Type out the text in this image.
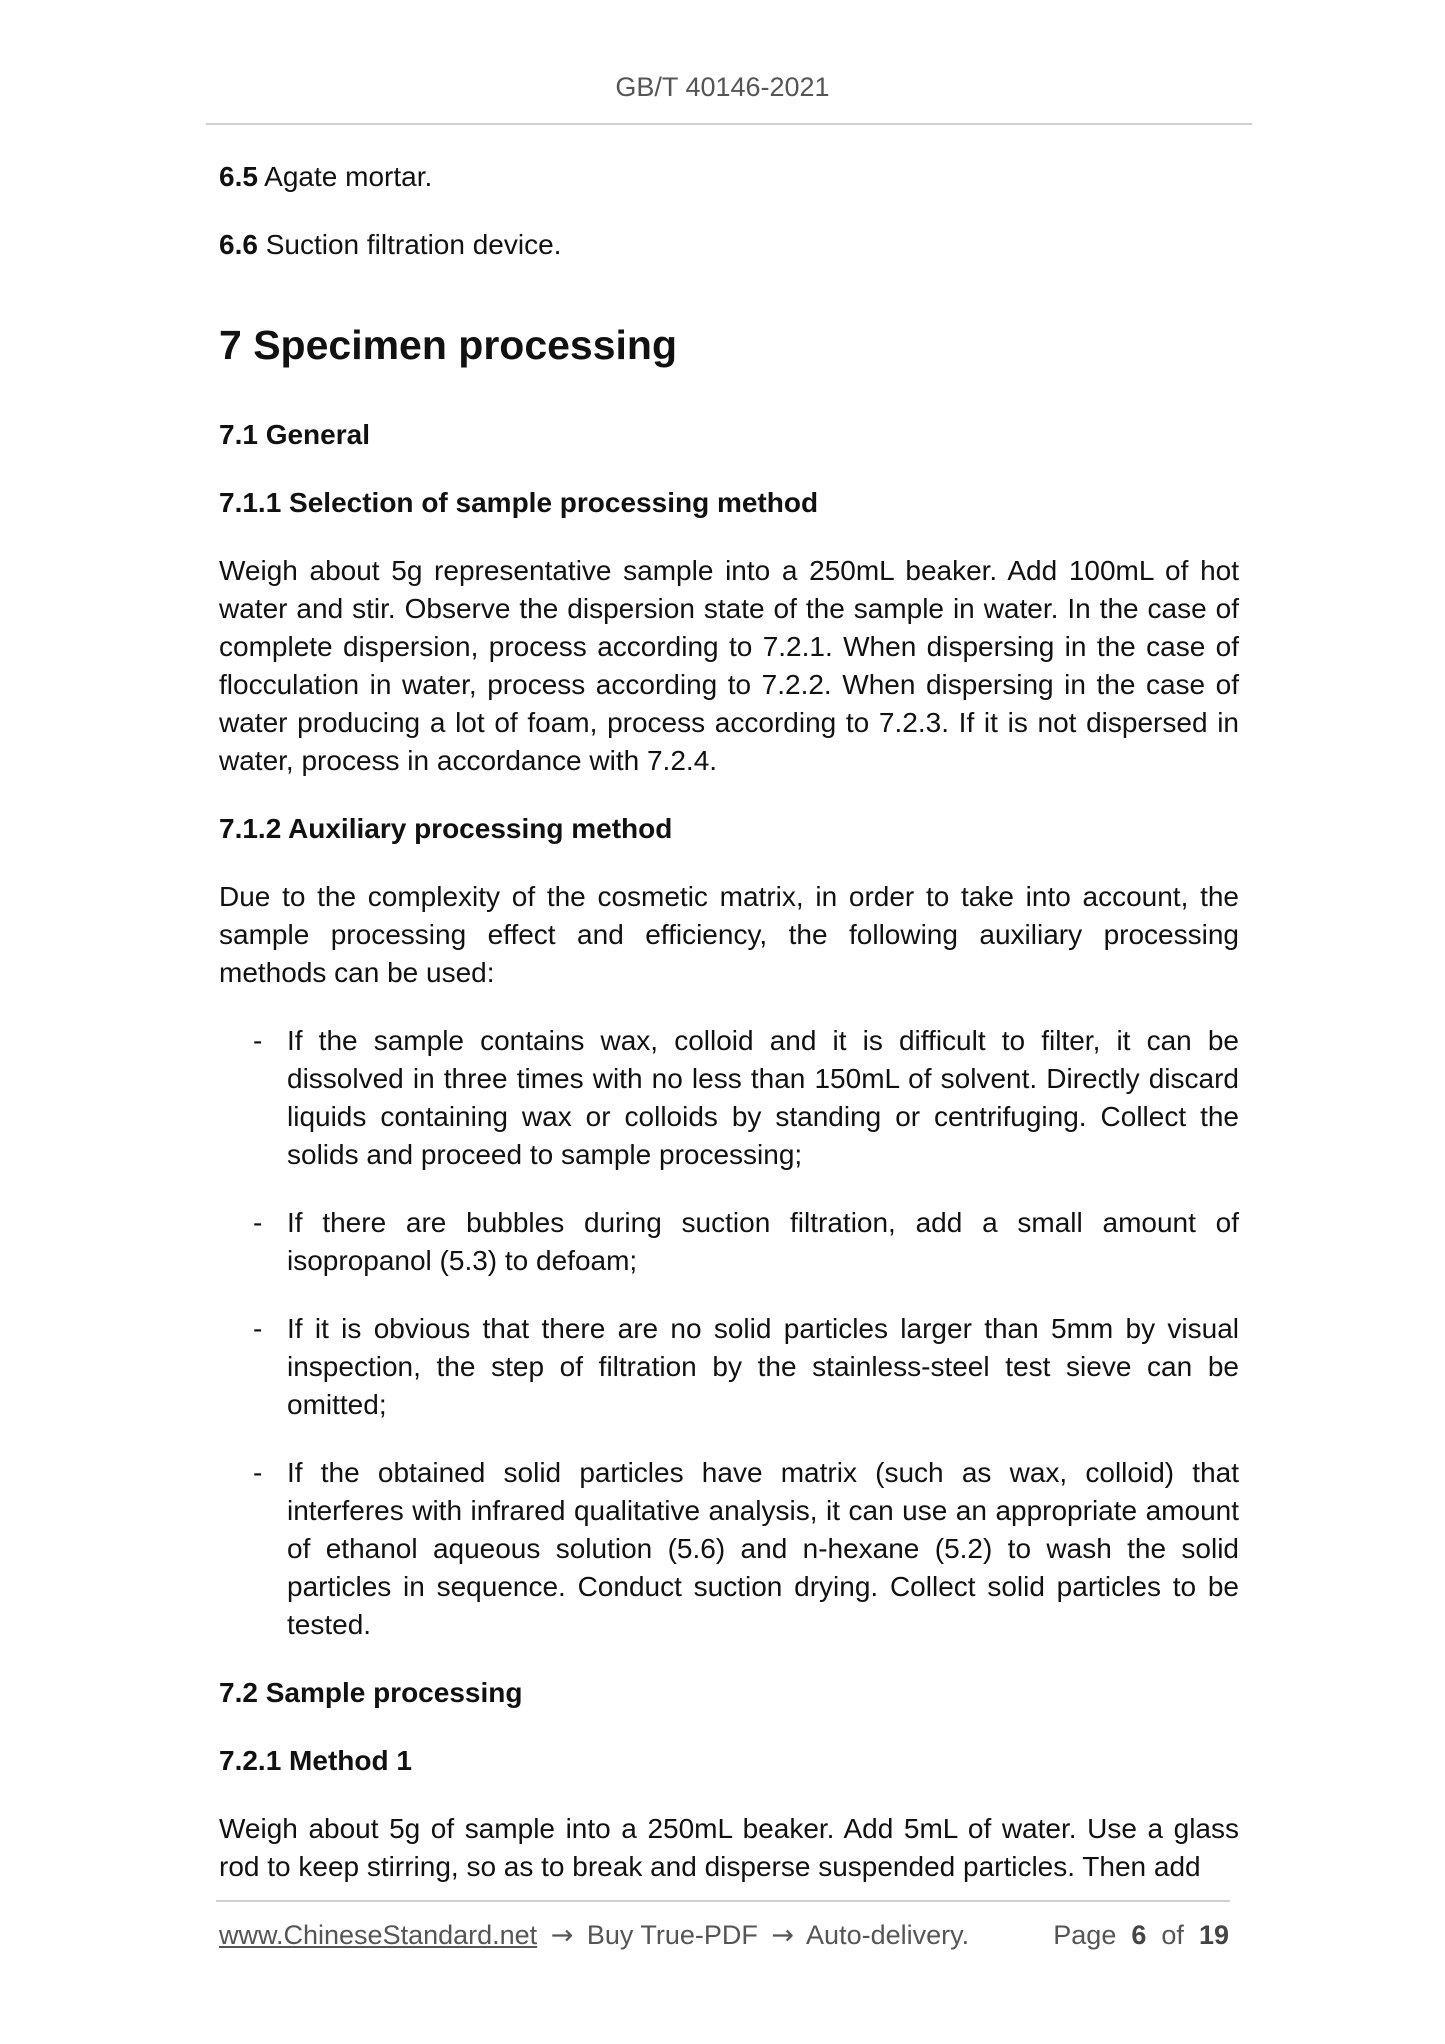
GB/T 40146-2021

6.5 Agate mortar.

6.6 Suction filtration device.

7 Specimen processing
7.1 General
7.1.1 Selection of sample processing method

Weigh about 5g representative sample into a 250mL beaker. Add 100mL of hot water and stir. Observe the dispersion state of the sample in water. In the case of complete dispersion, process according to 7.2.1. When dispersing in the case of flocculation in water, process according to 7.2.2. When dispersing in the case of water producing a lot of foam, process according to 7.2.3. If it is not dispersed in water, process in accordance with 7.2.4.

7.1.2 Auxiliary processing method

Due to the complexity of the cosmetic matrix, in order to take into account, the sample processing effect and efficiency, the following auxiliary processing methods can be used:

- If the sample contains wax, colloid and it is difficult to filter, it can be dissolved in three times with no less than 150mL of solvent. Directly discard liquids containing wax or colloids by standing or centrifuging. Collect the solids and proceed to sample processing;
- If there are bubbles during suction filtration, add a small amount of isopropanol (5.3) to defoam;
- If it is obvious that there are no solid particles larger than 5mm by visual inspection, the step of filtration by the stainless-steel test sieve can be omitted;
- If the obtained solid particles have matrix (such as wax, colloid) that interferes with infrared qualitative analysis, it can use an appropriate amount of ethanol aqueous solution (5.6) and n-hexane (5.2) to wash the solid particles in sequence. Conduct suction drying. Collect solid particles to be tested.
7.2 Sample processing
7.2.1 Method 1

Weigh about 5g of sample into a 250mL beaker. Add 5mL of water. Use a glass rod to keep stirring, so as to break and disperse suspended particles. Then add

www.ChineseStandard.net → Buy True-PDF → Auto-delivery.	Page 6 of 19
